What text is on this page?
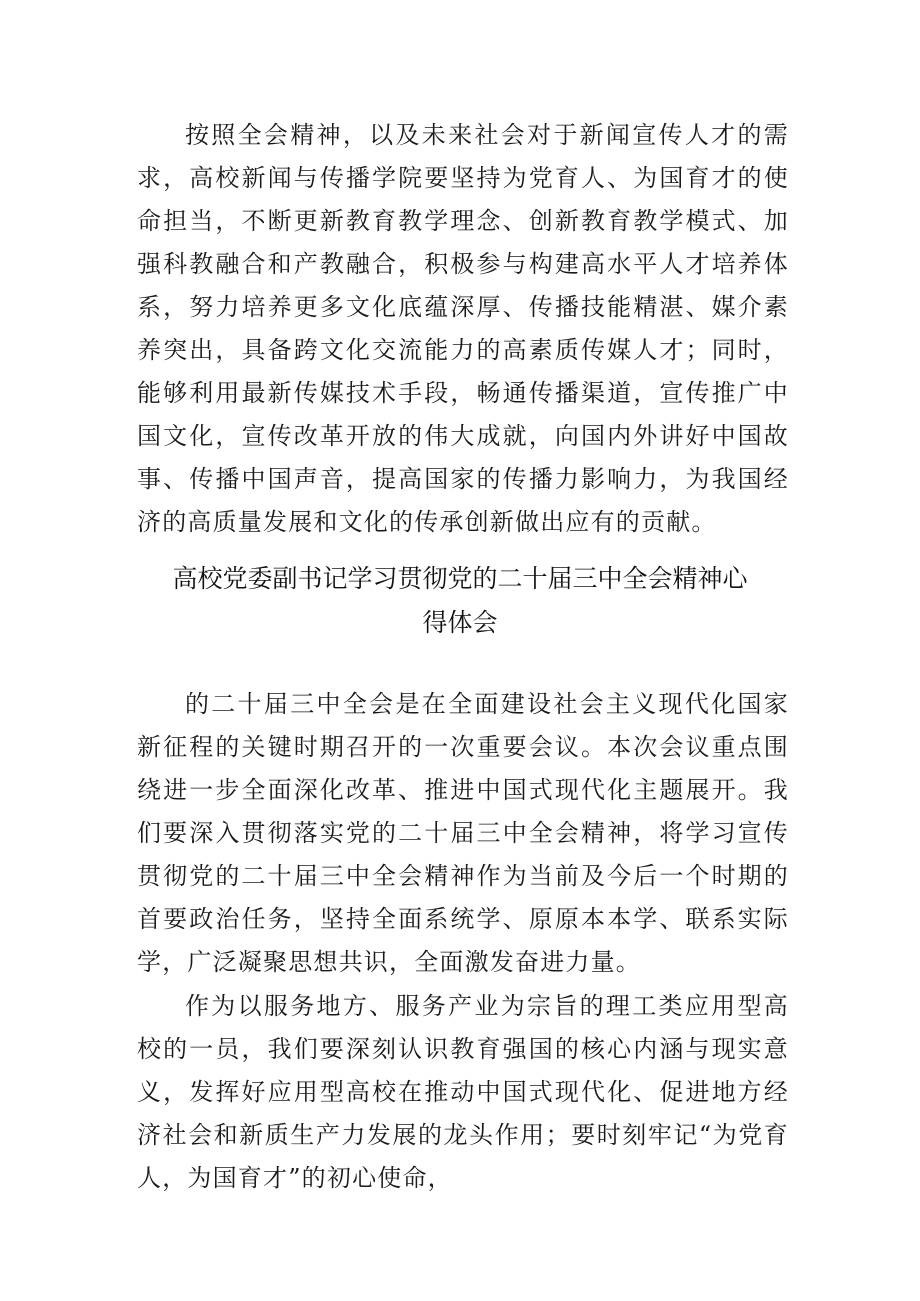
按照全会精神，以及未来社会对于新闻宣传人才的需求，高校新闻与传播学院要坚持为党育人、为国育才的使命担当，不断更新教育教学理念、创新教育教学模式、加强科教融合和产教融合，积极参与构建高水平人才培养体系，努力培养更多文化底蕴深厚、传播技能精湛、媒介素养突出，具备跨文化交流能力的高素质传媒人才；同时，能够利用最新传媒技术手段，畅通传播渠道，宣传推广中国文化，宣传改革开放的伟大成就，向国内外讲好中国故事、传播中国声音，提高国家的传播力影响力，为我国经济的高质量发展和文化的传承创新做出应有的贡献。

高校党委副书记学习贯彻党的二十届三中全会精神心
得体会

的二十届三中全会是在全面建设社会主义现代化国家新征程的关键时期召开的一次重要会议。本次会议重点围绕进一步全面深化改革、推进中国式现代化主题展开。我们要深入贯彻落实党的二十届三中全会精神，将学习宣传贯彻党的二十届三中全会精神作为当前及今后一个时期的首要政治任务，坚持全面系统学、原原本本学、联系实际学，广泛凝聚思想共识，全面激发奋进力量。

作为以服务地方、服务产业为宗旨的理工类应用型高校的一员，我们要深刻认识教育强国的核心内涵与现实意义，发挥好应用型高校在推动中国式现代化、促进地方经济社会和新质生产力发展的龙头作用；要时刻牢记“为党育人，为国育才”的初心使命，
